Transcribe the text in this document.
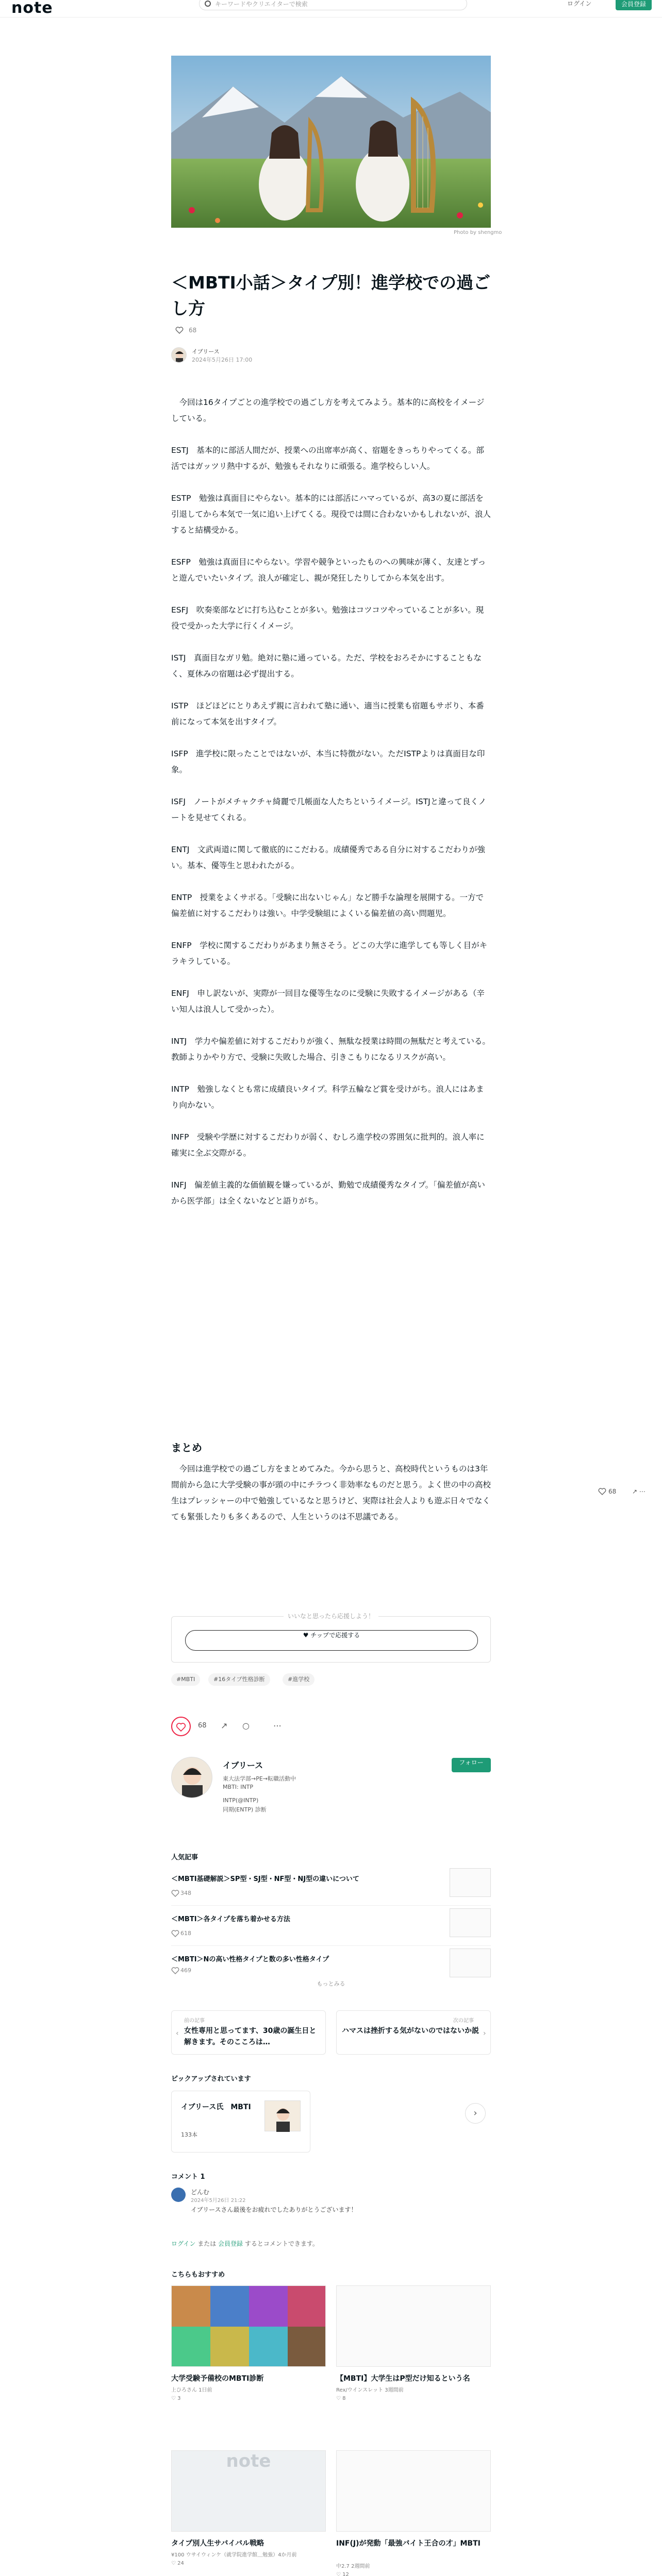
note	キーワードやクリエイターで検索	ログイン	会員登録
Photo by shengmo
＜MBTI小話＞タイプ別！進学校での過ごし方
68
イブリース
2024年5月26日 17:00

今回は16タイプごとの進学校での過ごし方を考えてみよう。基本的に高校をイメージしている。

ESTJ　基本的に部活人間だが、授業への出席率が高く、宿題をきっちりやってくる。部活ではガッツリ熱中するが、勉強もそれなりに頑張る。進学校らしい人。

ESTP　勉強は真面目にやらない。基本的には部活にハマっているが、高3の夏に部活を引退してから本気で一気に追い上げてくる。現役では間に合わないかもしれないが、浪人すると結構受かる。

ESFP　勉強は真面目にやらない。学習や競争といったものへの興味が薄く、友達とずっと遊んでいたいタイプ。浪人が確定し、親が発狂したりしてから本気を出す。

ESFJ　吹奏楽部などに打ち込むことが多い。勉強はコツコツやっていることが多い。現役で受かった大学に行くイメージ。

ISTJ　真面目なガリ勉。絶対に塾に通っている。ただ、学校をおろそかにすることもなく、夏休みの宿題は必ず提出する。

ISTP　ほどほどにとりあえず親に言われて塾に通い、適当に授業も宿題もサボり、本番前になって本気を出すタイプ。

ISFP　進学校に限ったことではないが、本当に特徴がない。ただISTPよりは真面目な印象。

ISFJ　ノートがメチャクチャ綺麗で几帳面な人たちというイメージ。ISTJと違って良くノートを見せてくれる。

ENTJ　文武両道に関して徹底的にこだわる。成績優秀である自分に対するこだわりが強い。基本、優等生と思われたがる。

ENTP　授業をよくサボる。「受験に出ないじゃん」など勝手な論理を展開する。一方で偏差値に対するこだわりは強い。中学受験組によくいる偏差値の高い問題児。

ENFP　学校に関するこだわりがあまり無さそう。どこの大学に進学しても等しく目がキラキラしている。

ENFJ　申し訳ないが、実際が一回目な優等生なのに受験に失敗するイメージがある（辛い知人は浪人して受かった）。

INTJ　学力や偏差値に対するこだわりが強く、無駄な授業は時間の無駄だと考えている。教師よりかやり方で、受験に失敗した場合、引きこもりになるリスクが高い。

INTP　勉強しなくとも常に成績良いタイプ。科学五輪など賞を受けがち。浪人にはあまり向かない。

INFP　受験や学歴に対するこだわりが弱く、むしろ進学校の雰囲気に批判的。浪人率に確実に全ぶ交際がる。

INFJ　偏差値主義的な価値観を嫌っているが、勤勉で成績優秀なタイプ。「偏差値が高いから医学部」は全くないなどと語りがち。

まとめ
今回は進学校での過ごし方をまとめてみた。今から思うと、高校時代というものは3年間前から急に大学受験の事が頭の中にチラつく非効率なものだと思う。よく世の中の高校生はプレッシャーの中で勉強しているなと思うけど、実際は社会人よりも遊ぶ日々でなくても緊張したりも多くあるので、人生というのは不思議である。
68	↗ ⋯
いいなと思ったら応援しよう！
♥ チップで応援する
#MBTI	#16タイプ性格診断	#進学校
68 ↗ ○	⋯
イブリース
東大法学部→PE→転職活動中
MBTI: INTP
INTP(@INTP)
同期(ENTP) 診断
フォロー
人気記事
＜MBTI基礎解説＞SP型・SJ型・NF型・NJ型の違いについて
348
＜MBTI＞各タイプを落ち着かせる方法
618
＜MBTI＞Nの高い性格タイプと数の多い性格タイプ
469
もっとみる
前の記事
‹ 女性専用と思ってます、30歳の誕生日と解きます。そのこころは…
次の記事
›
ハマスは挫折する気がないのではないか説
ピックアップされています
イブリース氏　MBTI
133本
›
コメント 1
どんむ
2024年5月26日 21:22
イブリースさん最後をお疲れでしたありがとうございます！
ログイン または 会員登録 するとコメントできます。
こちらもおすすめ
大学受験予備校のMBTI診断
上ひろさん 1日前
♡ 3
【MBTI】大学生はP型だけ知るという名
Rex/ウインスレット 3週間前
♡ 8
note
タイプ別人生サバイバル戦略
¥100 ウサイウィンケ（就学院進学館＿勉強）4か月前
♡ 24
INF(J)が発動「最強バイト王合の才」MBTI
中2.7 2週間前
♡ 12
